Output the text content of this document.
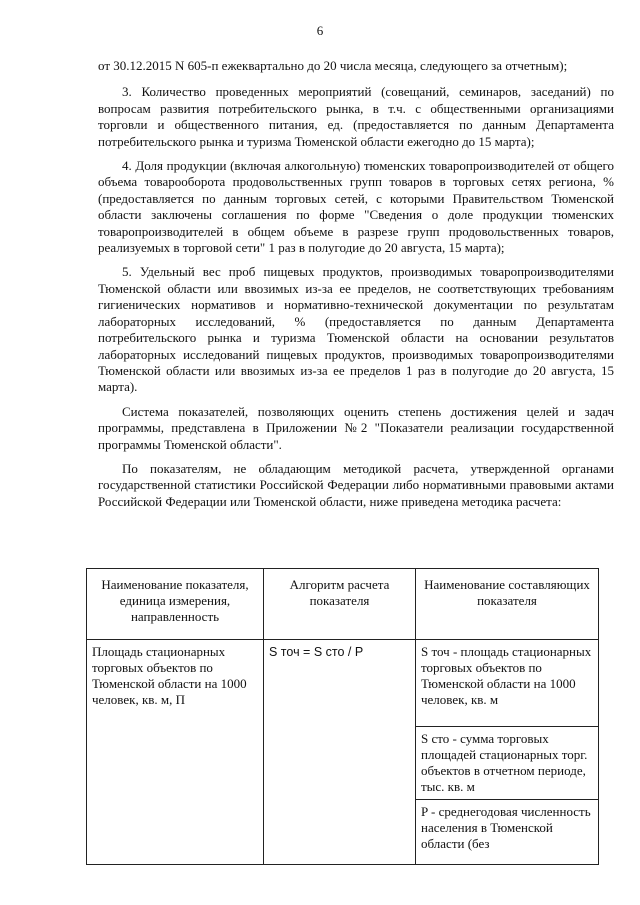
6

от 30.12.2015 N 605-п ежеквартально до 20 числа месяца, следующего за отчетным);

3. Количество проведенных мероприятий (совещаний, семинаров, заседаний) по вопросам развития потребительского рынка, в т.ч. с общественными организациями торговли и общественного питания, ед. (предоставляется по данным Департамента потребительского рынка и туризма Тюменской области ежегодно до 15 марта);

4. Доля продукции (включая алкогольную) тюменских товаропроизводителей от общего объема товарооборота продовольственных групп товаров в торговых сетях региона, % (предоставляется по данным торговых сетей, с которыми Правительством Тюменской области заключены соглашения по форме "Сведения о доле продукции тюменских товаропроизводителей в общем объеме в разрезе групп продовольственных товаров, реализуемых в торговой сети" 1 раз в полугодие до 20 августа, 15 марта);

5. Удельный вес проб пищевых продуктов, производимых товаропроизводителями Тюменской области или ввозимых из-за ее пределов, не соответствующих требованиям гигиенических нормативов и нормативно-технической документации по результатам лабораторных исследований, % (предоставляется по данным Департамента потребительского рынка и туризма Тюменской области на основании результатов лабораторных исследований пищевых продуктов, производимых товаропроизводителями Тюменской области или ввозимых из-за ее пределов 1 раз в полугодие до 20 августа, 15 марта).

Система показателей, позволяющих оценить степень достижения целей и задач программы, представлена в Приложении №2 "Показатели реализации государственной программы Тюменской области".

По показателям, не обладающим методикой расчета, утвержденной органами государственной статистики Российской Федерации либо нормативными правовыми актами Российской Федерации или Тюменской области, ниже приведена методика расчета:

Наименование показателя, единица измерения, направленность	Алгоритм расчета показателя	Наименование составляющих показателя
Площадь стационарных торговых объектов по Тюменской области на 1000 человек, кв. м, П	S точ = S сто / P	S точ - площадь стационарных торговых объектов по Тюменской области на 1000 человек, кв. м
		S сто - сумма торговых площадей стационарных торг. объектов в отчетном периоде, тыс. кв. м
		P - среднегодовая численность населения в Тюменской области (без
